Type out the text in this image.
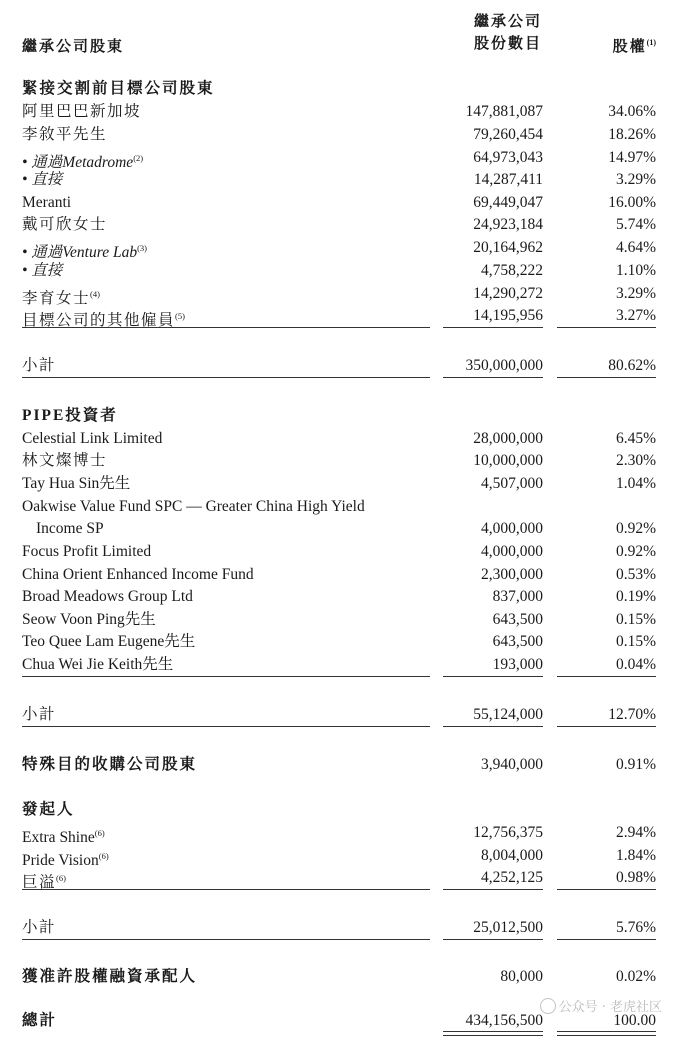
繼承公司股東
繼承公司
股份數目	股權$^{(1)}$
緊接交割前目標公司股東
阿里巴巴新加坡	147,881,087	34.06%
李敘平先生	79,260,454	18.26%
• 通過Metadrome$^{(2)}$	64,973,043	14.97%
• 直接	14,287,411	3.29%
Meranti	69,449,047	16.00%
戴可欣女士	24,923,184	5.74%
• 通過Venture Lab$^{(3)}$	20,164,962	4.64%
• 直接	4,758,222	1.10%
李育女士$^{(4)}$	14,290,272	3.29%
目標公司的其他僱員$^{(5)}$	14,195,956	3.27%
小計	350,000,000	80.62%
PIPE投資者
Celestial Link Limited	28,000,000	6.45%
林文燦博士	10,000,000	2.30%
Tay Hua Sin先生	4,507,000	1.04%
Oakwise Value Fund SPC — Greater China High Yield
Income SP	4,000,000	0.92%
Focus Profit Limited	4,000,000	0.92%
China Orient Enhanced Income Fund	2,300,000	0.53%
Broad Meadows Group Ltd	837,000	0.19%
Seow Voon Ping先生	643,500	0.15%
Teo Quee Lam Eugene先生	643,500	0.15%
Chua Wei Jie Keith先生	193,000	0.04%
小計	55,124,000	12.70%
特殊目的收購公司股東	3,940,000	0.91%
發起人
Extra Shine$^{(6)}$	12,756,375	2.94%
Pride Vision$^{(6)}$	8,004,000	1.84%
巨溢$^{(6)}$	4,252,125	0.98%
小計	25,012,500	5.76%
獲准許股權融資承配人	80,000	0.02%
總計	434,156,500	100.00
公众号 · 老虎社区
